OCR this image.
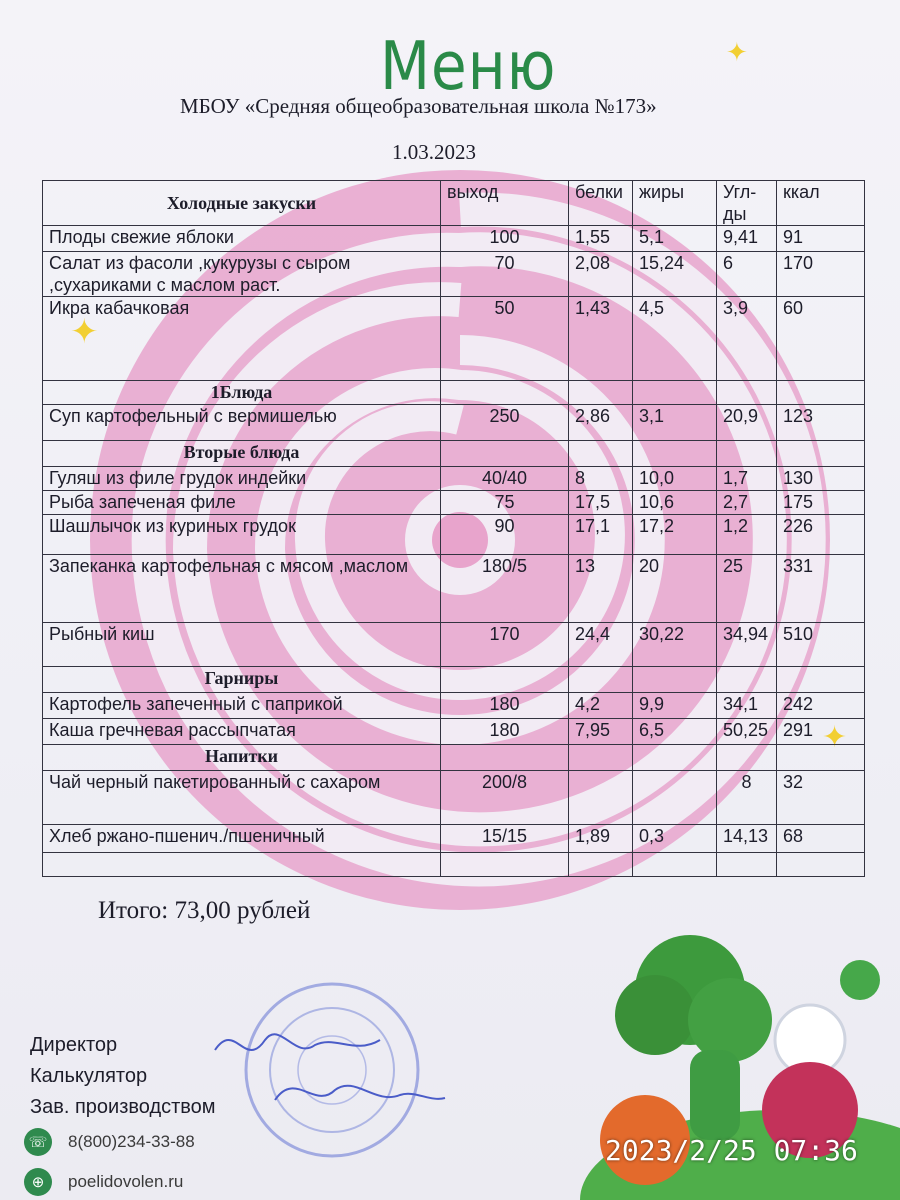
Меню	✦
✦
✦
МБОУ «Средняя общеобразовательная школа №173»
1.03.2023
Холодные закуски	выход	белки	жиры	Угл-ды	ккал
Плоды свежие яблоки	100	1,55	5,1	9,41	91
Салат из фасоли ,кукурузы с сыром ,сухариками с маслом раст.	70	2,08	15,24	6	170
Икра кабачковая	50	1,43	4,5	3,9	60
1Блюда					
Суп картофельный с вермишелью	250	2,86	3,1	20,9	123
Вторые блюда					
Гуляш из филе грудок индейки	40/40	8	10,0	1,7	130
Рыба запеченая филе	75	17,5	10,6	2,7	175
Шашлычок из куриных грудок	90	17,1	17,2	1,2	226
Запеканка картофельная с мясом ,маслом	180/5	13	20	25	331
Рыбный киш	170	24,4	30,22	34,94	510
Гарниры					
Картофель запеченный с паприкой	180	4,2	9,9	34,1	242
Каша гречневая рассыпчатая	180	7,95	6,5	50,25	291
Напитки					
Чай черный пакетированный с сахаром	200/8			8	32
Хлеб ржано-пшенич./пшеничный	15/15	1,89	0,3	14,13	68

Итого: 73,00 рублей
Директор
Калькулятор
Зав. производством
☏ 8(800)234-33-88
⊕	poelidovolen.ru
2023/2/25 07:36
